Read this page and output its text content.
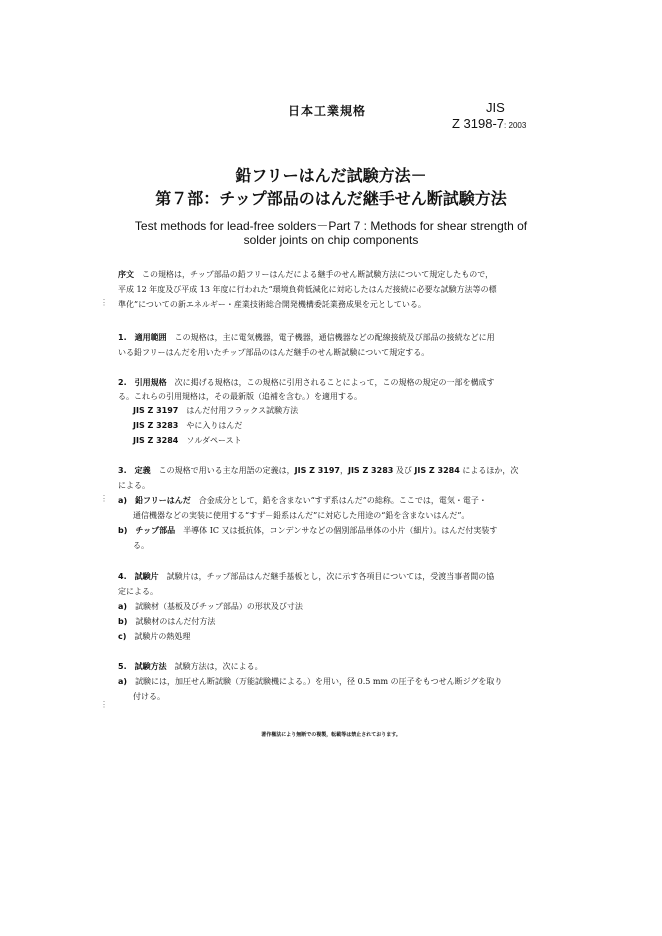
日本工業規格	JIS
Z 3198-7: 2003
鉛フリーはんだ試験方法－
第７部：チップ部品のはんだ継手せん断試験方法
Test methods for lead-free solders－Part 7 : Methods for shear strength of
solder joints on chip components
序文　 この規格は，チップ部品の鉛フリーはんだによる継手のせん断試験方法について規定したもので，
平成 12 年度及び平成 13 年度に行われた“環境負荷低減化に対応したはんだ接続に必要な試験方法等の標
準化”についての新エネルギー・産業技術総合開発機構委託業務成果を元としている。
⋮
1.　 適用範囲　 この規格は，主に電気機器，電子機器，通信機器などの配線接続及び部品の接続などに用
いる鉛フリーはんだを用いたチップ部品のはんだ継手のせん断試験について規定する。
2.　 引用規格　 次に掲げる規格は，この規格に引用されることによって，この規格の規定の一部を構成す
る。これらの引用規格は，その最新版（追補を含む。）を適用する。
JIS Z 3197　 はんだ付用フラックス試験方法
JIS Z 3283　 やに入りはんだ
JIS Z 3284　 ソルダペースト
3.　 定義　 この規格で用いる主な用語の定義は，JIS Z 3197，JIS Z 3283 及び JIS Z 3284 によるほか，次
による。
⋮ a)　 鉛フリーはんだ　 合金成分として，鉛を含まない“すず系はんだ”の総称。ここでは，電気・電子・
通信機器などの実装に使用する“すず－鉛系はんだ”に対応した用途の“鉛を含まないはんだ”。
b)　 チップ部品　 半導体 IC 又は抵抗体，コンデンサなどの個別部品単体の小片（細片）。はんだ付実装す
る。
4.　 試験片　 試験片は，チップ部品はんだ継手基板とし，次に示す各項目については，受渡当事者間の協
定による。
a)　 試験材（基板及びチップ部品）の形状及び寸法
b)　 試験材のはんだ付方法
c)　 試験片の熱処理
5.　 試験方法　 試験方法は，次による。
a)　 試験には，加圧せん断試験（万能試験機による。）を用い，径 0.5 mm の圧子をもつせん断ジグを取り
付ける。
⋮
著作権法により無断での複製，転載等は禁止されております。
